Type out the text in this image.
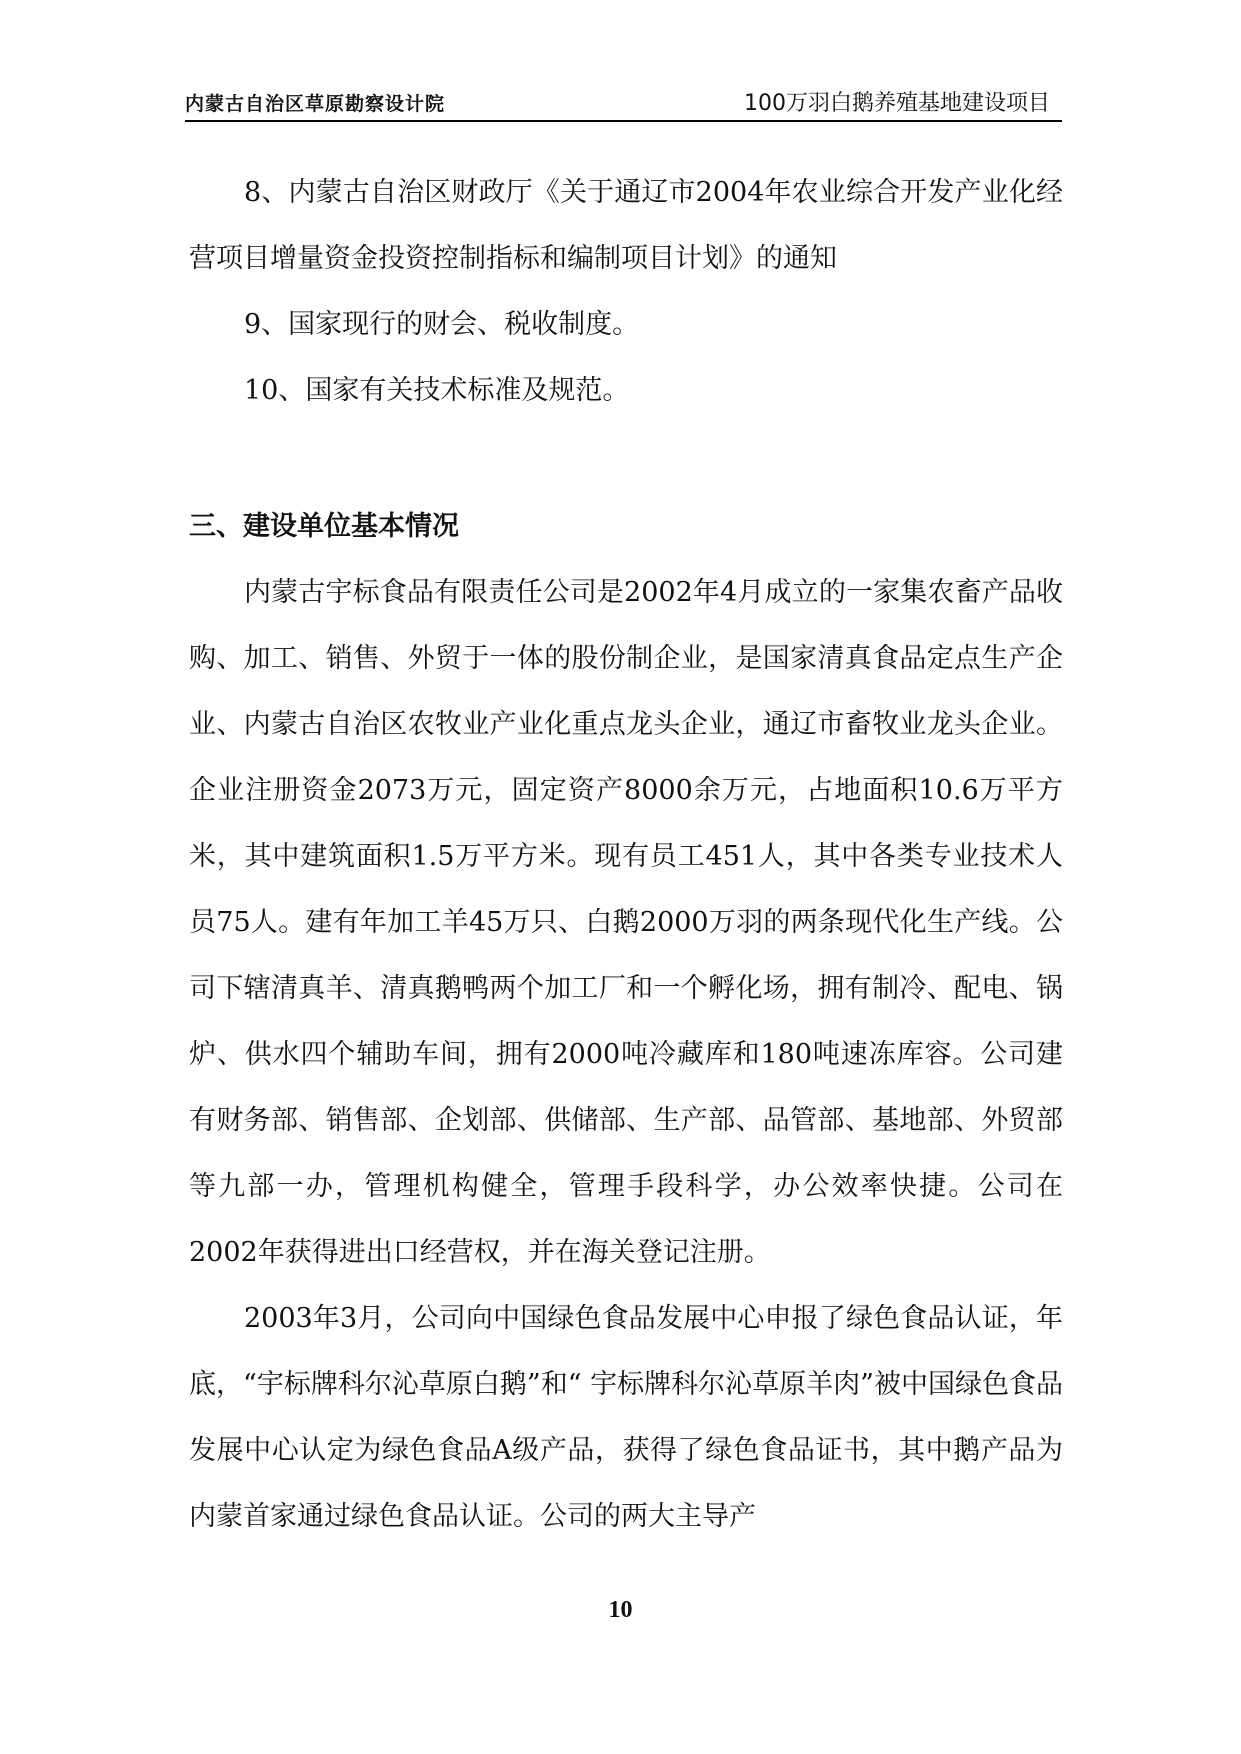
内蒙古自治区草原勘察设计院	100万羽白鹅养殖基地建设项目

8、内蒙古自治区财政厅《关于通辽市2004年农业综合开发产业化经营项目增量资金投资控制指标和编制项目计划》的通知

9、国家现行的财会、税收制度。

10、国家有关技术标准及规范。

三、建设单位基本情况

内蒙古宇标食品有限责任公司是2002年4月成立的一家集农畜产品收购、加工、销售、外贸于一体的股份制企业，是国家清真食品定点生产企业、内蒙古自治区农牧业产业化重点龙头企业，通辽市畜牧业龙头企业。企业注册资金2073万元，固定资产8000余万元，占地面积10.6万平方米，其中建筑面积1.5万平方米。现有员工451人，其中各类专业技术人员75人。建有年加工羊45万只、白鹅2000万羽的两条现代化生产线。公司下辖清真羊、清真鹅鸭两个加工厂和一个孵化场，拥有制冷、配电、锅炉、供水四个辅助车间，拥有2000吨冷藏库和180吨速冻库容。公司建有财务部、销售部、企划部、供储部、生产部、品管部、基地部、外贸部等九部一办，管理机构健全，管理手段科学，办公效率快捷。公司在2002年获得进出口经营权，并在海关登记注册。

2003年3月，公司向中国绿色食品发展中心申报了绿色食品认证，年底，“宇标牌科尔沁草原白鹅”和“ 宇标牌科尔沁草原羊肉”被中国绿色食品发展中心认定为绿色食品A级产品，获得了绿色食品证书，其中鹅产品为内蒙首家通过绿色食品认证。公司的两大主导产

10
